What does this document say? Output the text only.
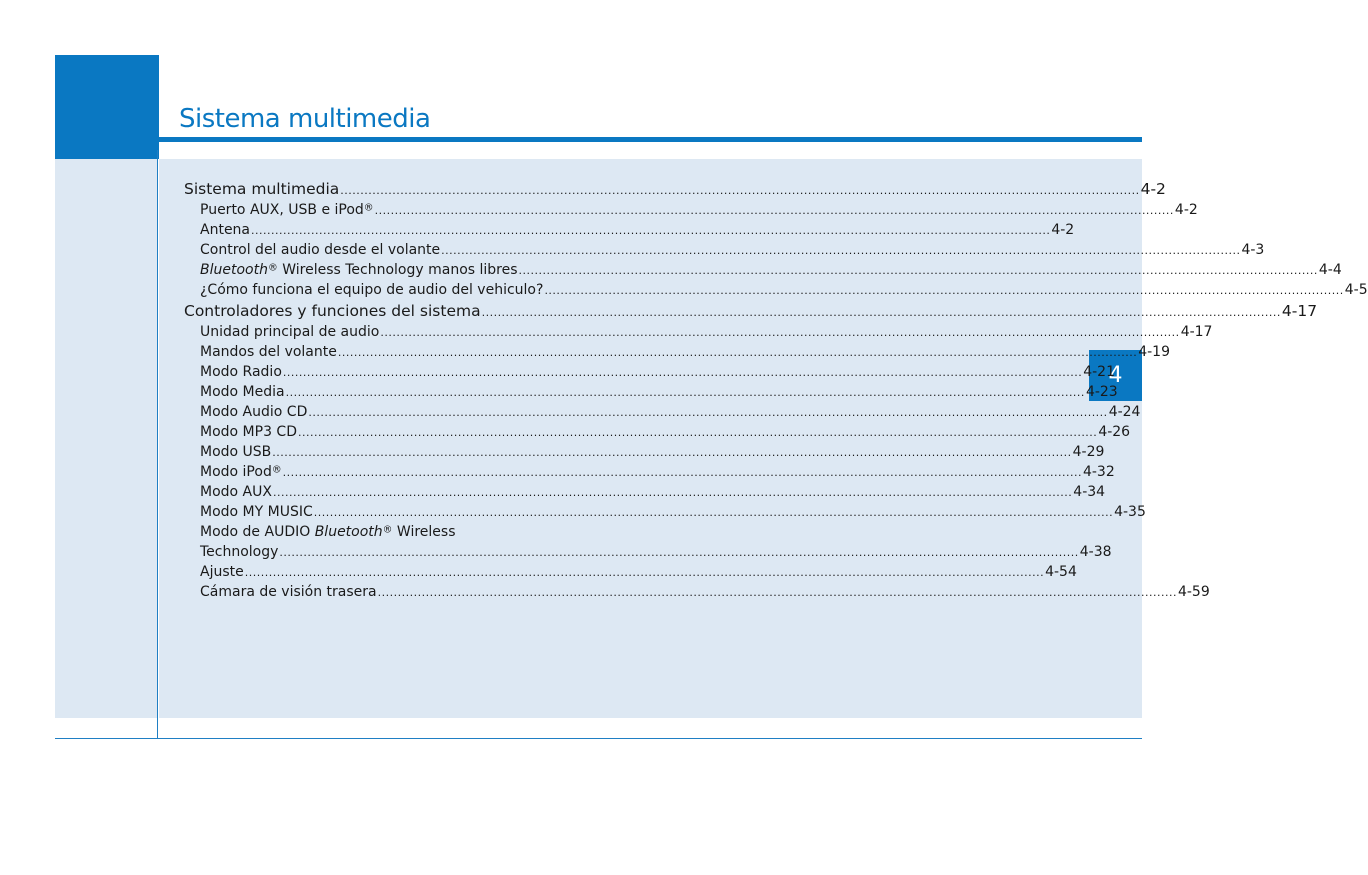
Sistema multimedia
4
Sistema multimedia ........................................................................................................................................................................................................ 4-2
Puerto AUX, USB e iPod® ........................................................................................................................................................................................................ 4-2
Antena ........................................................................................................................................................................................................ 4-2
Control del audio desde el volante ........................................................................................................................................................................................................ 4-3
Bluetooth® Wireless Technology manos libres ........................................................................................................................................................................................................ 4-4
¿Cómo funciona el equipo de audio del vehiculo? ........................................................................................................................................................................................................ 4-5
Controladores y funciones del sistema ........................................................................................................................................................................................................ 4-17
Unidad principal de audio ........................................................................................................................................................................................................ 4-17
Mandos del volante ........................................................................................................................................................................................................ 4-19
Modo Radio ........................................................................................................................................................................................................ 4-21
Modo Media ........................................................................................................................................................................................................ 4-23
Modo Audio CD ........................................................................................................................................................................................................ 4-24
Modo MP3 CD ........................................................................................................................................................................................................ 4-26
Modo USB ........................................................................................................................................................................................................ 4-29
Modo iPod® ........................................................................................................................................................................................................ 4-32
Modo AUX ........................................................................................................................................................................................................ 4-34
Modo MY MUSIC ........................................................................................................................................................................................................ 4-35
Modo de AUDIO Bluetooth® Wireless
Technology ........................................................................................................................................................................................................ 4-38
Ajuste ........................................................................................................................................................................................................ 4-54
Cámara de visión trasera ........................................................................................................................................................................................................ 4-59
